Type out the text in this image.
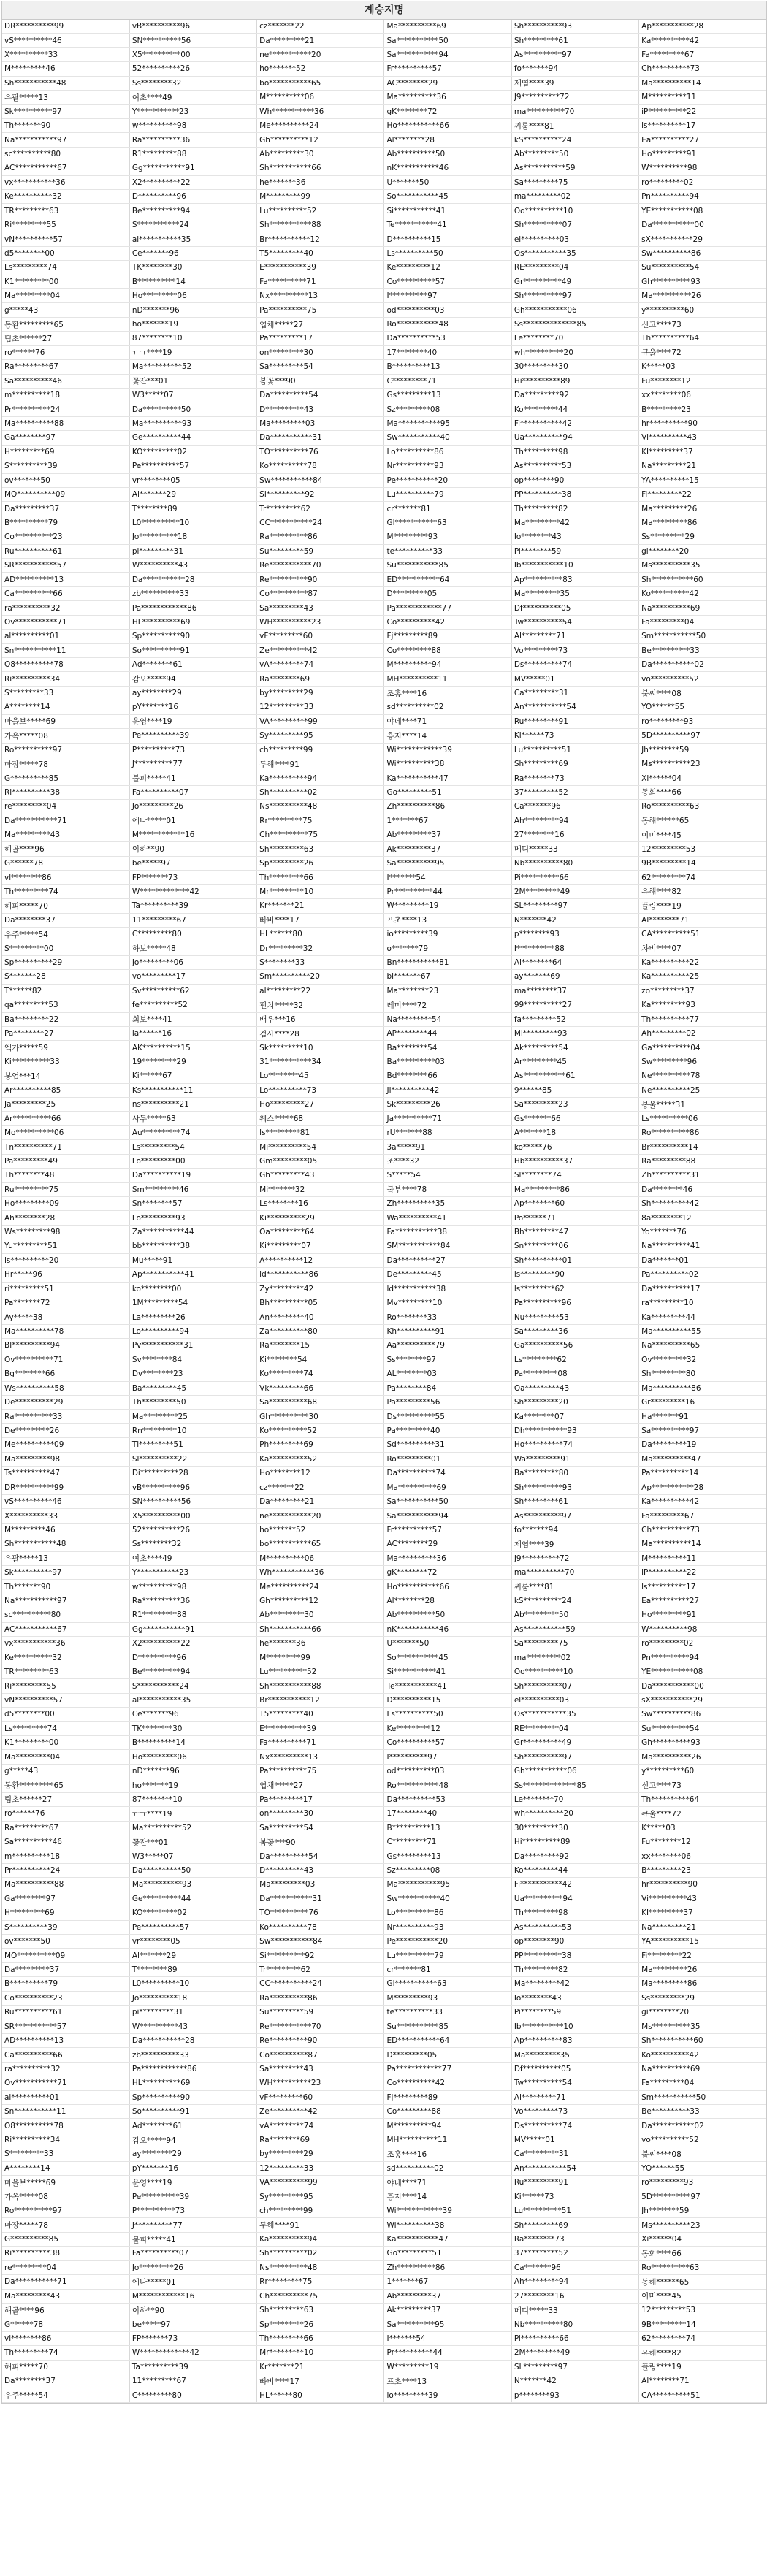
계승지명
DR**********99	vB**********96	cz*******22	Ma**********69	Sh**********93	Ap***********28
vS**********46	SN**********56	Da*********21	Sa***********50	Sh*********61	Ka**********42
X**********33	X5**********00	ne***********20	Sa***********94	As**********97	Fa*********67
M*********46	52**********26	ho*******52	Fr**********57	fo*******94	Ch**********73
Sh***********48	Ss********32	bo***********65	AC********29	제염****39	Ma**********14
유팔*****13	여초****49	M**********06	Ma**********36	J9**********72	M**********11
Sk**********97	Y***********23	Wh***********36	gK********72	ma**********70	iP**********22
Th*******90	w**********98	Me**********24	Ho***********66	씨룸****81	ls**********17
Na***********97	Ra**********36	Gh**********12	Al********28	kS**********24	Ea**********27
sc**********80	R1*********88	Ab*********30	Ab**********50	Ab*********50	Ho*********91
AC***********67	Gg***********91	Sh***********66	nK***********46	As***********59	W**********98
vx***********36	X2**********22	he*******36	U*******50	Sa*********75	ro*********02
Ke**********32	D**********96	M*********99	So***********45	ma*********02	Pn**********94
TR*********63	Be**********94	Lu**********52	Si***********41	Oo**********10	YE***********08
Ri*********55	S***********24	Sh***********88	Te***********41	Sh**********07	Da***********00
vN**********57	al***********35	Br***********12	D**********15	el**********03	sX***********29
d5********00	Ce*******96	T5*********40	Ls**********50	Os***********35	Sw**********86
Ls*********74	TK********30	E***********39	Ke*********12	RE*********04	Su**********54
K1*********00	B**********14	Fa**********71	Co**********57	Gr**********49	Gh**********93
Ma*********04	Ho*********06	Nx**********13	I**********97	Sh**********97	Ma**********26
g*****43	nD*******96	Pa**********75	od**********03	Gh***********06	y**********60
동환*********65	ho*******19	엽채*****27	Ro***********48	Ss**************85	신고****73
팀초******27	87********10	Pa*********17	Da**********53	Le********70	Th**********64
ro******76	ㅠㅠ****19	on*********30	17********40	wh**********20	큐울****72
Ra*********67	Ma**********52	Sa*********54	B**********13	30*********30	K*****03
Sa**********46	꽃잔***01	봄꽃***90	C*********71	Hi**********89	Fu********12
m**********18	W3*****07	Da**********54	Gs*********13	Da*********92	xx********06
Pr**********24	Da**********50	D**********43	Sz*********08	Ko*********44	B*********23
Ma**********88	Ma**********93	Ma*********03	Ma***********95	Fi***********42	hr**********90
Ga********97	Ge**********44	Da***********31	Sw***********40	Ua**********94	Vi**********43
H*********69	KO*********02	TO**********76	Lo**********86	Th*********98	KI*********37
S**********39	Pe**********57	Ko**********78	Nr**********93	As**********53	Na*********21
ov*******50	vr********05	Sw***********84	Pe***********20	op********90	YA**********15
MO**********09	Al*******29	Si**********92	Lu**********79	PP**********38	Fi*********22
Da*********37	T********89	Tr*********62	cr*******81	Th*********82	Ma*********26
B**********79	L0**********10	CC***********24	Gl***********63	Ma*********42	Ma*********86
Co**********23	Jo**********18	Ra**********86	M*********93	Io********43	Ss*********29
Ru**********61	pi*********31	Su*********59	te**********33	Pi********59	gi********20
SR***********57	W**********43	Re***********70	Su***********85	Ib***********10	Ms**********35
AD**********13	Da***********28	Re**********90	ED***********64	Ap**********83	Sh***********60
Ca**********66	zb**********33	Co**********87	D*********05	Ma*********35	Ko**********42
ra**********32	Pa************86	Sa*********43	Pa************77	Df**********05	Na**********69
Ov***********71	HL**********69	WH**********23	Co**********42	Tw**********54	Fa*********04
al**********01	Sp**********90	vF*********60	Fj*********89	Al*********71	Sm***********50
Sn***********11	So**********91	Ze**********42	Co*********88	Vo*********73	Be**********33
O8**********78	Ad********61	vA*********74	M**********94	Ds**********74	Da***********02
Ri**********34	감오*****94	Ra********69	MH**********11	MV*****01	vo**********52
S*********33	ay********29	by*********29	조홍****16	Ca*********31	붙씨****08
A********14	pY*******16	12*********33	sd**********02	An***********54	YO******55
마을보*****69	윤영****19	VA**********99	야네****71	Ru*********91	ro*********93
가옥*****08	Pe**********39	Sy*********95	흥지****14	Ki******73	5D**********97
Ro**********97	P**********73	ch*********99	Wi************39	Lu**********51	Jh********59
마장*****78	J**********77	두해****91	Wi**********38	Sh*********69	Ms**********23
G**********85	불피*****41	Ka**********94	Ka***********47	Ra********73	Xi******04
Ri**********38	Fa**********07	Sh**********02	Go*********51	37*********52	동회****66
re*********04	Jo*********26	Ns**********48	Zh**********86	Ca*******96	Ro**********63
Da***********71	에나*****01	Rr*********75	1*******67	Ah*********94	동해******65
Ma*********43	M************16	Ch**********75	Ab*********37	27********16	이미****45
해골****96	이하**90	Sh*********63	Ak*********37	메디*****33	12*********53
G******78	be*****97	Sp*********26	Sa**********95	Nb**********80	9B*********14
vl********86	FP*******73	Th*********66	I*******54	Pi**********66	62*********74
Th*********74	W*************42	Mr*********10	Pr**********44	2M*********49	유해****82
해피*****70	Ta**********39	Kr*******21	W*********19	SL*********97	플링****19
Da********37	11*********67	빠비****17	프초****13	N*******42	Al********71
우주*****54	C*********80	HL******80	io*********39	p********93	CA**********51
S*********00	하보*****48	Dr*********32	o*******79	I**********88	차비****07
Sp**********29	Jo*********06	S********33	Bn***********81	Al********64	Ka**********22
S*******28	vo*********17	Sm**********20	bi*******67	ay*******69	Ka**********25
T******82	Sv**********62	al*********22	Ma********23	ma********37	zo*********37
qa*********53	fe**********52	펀치*****32	레미****72	99**********27	Ka*********93
Ba*********22	회보****41	배우***16	Na*********54	fa*********52	Th**********77
Pa********27	la******16	검사****28	AP********44	Ml*********93	Ah*********02
엑가*****59	AK**********15	Sk*********10	Ba********54	Ak*********54	Ga**********04
Ki**********33	19*********29	31***********34	Ba**********03	Ar*********45	Sw*********96
봉업***14	Ki******67	Lo********45	Bd********66	As***********61	Ne**********78
Ar**********85	Ks***********11	Lo**********73	Jl**********42	9******85	Ne**********25
Ja*********25	ns**********21	Ho*********27	Sk*********26	Sa*********23	봉울*****31
Ar**********66	사두*****63	웨스*****68	Ja**********71	Gs*******66	Ls**********06
Mo**********06	Au**********74	ls*********81	rU*******88	A*******18	Ro**********86
Tn**********71	Ls*********54	Mi**********54	3a*****91	ko*****76	Br**********14
Pa*********49	Lo*********00	Gm*********05	조****32	Hb**********37	Ra*********88
Th********48	Da**********19	Gh*********43	S*****54	Sl********74	Zh**********31
Ru*********75	Sm*********46	Mi*******32	물부****78	Ma*********86	Da********46
Ho*********09	Sn********57	Ls********16	Zh**********35	Ap********60	Sh**********42
Ah********28	Lo*********93	Ki**********29	Wa**********41	Po******71	8a********12
Ws*********98	Za***********44	Oa*********64	Fa***********38	Bh*********47	Yo*******76
Yu*********51	bb**********38	Ki*********07	SM***********84	Sn*********06	Na**********41
ls**********20	Mu*****91	A**********12	Da**********27	Sh**********01	Da*******01
Hr*****96	Ap***********41	ld***********86	De*********45	ls*********90	Pa**********02
ri*********51	ko********00	Zy*********42	ld***********38	ls*********62	Da**********17
Pa*******72	1M*********54	Bh**********05	Mv*********10	Pa**********96	ra*********10
Ay*****38	La*********26	An*********40	Ro********33	Nu*********53	Ka*********44
Ma**********78	Lo**********94	Za**********80	Kh**********91	Sa*********36	Ma**********55
Bl**********94	Pv***********31	Ra********15	Aa**********79	Ga**********56	Na**********65
Ov**********71	Sv********84	Ki********54	Ss********97	Ls*********62	Ov*********32
Bg********66	Dv********23	Ko*********74	AL********03	Pa*********08	Sh*********80
Ws**********58	Ba*********45	Vk*********66	Pa********84	Oa*********43	Ma**********86
De**********29	Th*********50	Sa**********68	Pa*********56	Sh*********20	Gr*********16
Ra**********33	Ma*********25	Gh**********30	Ds**********55	Ka********07	Ha*******91
De*********26	Rn*********10	Ko**********52	Pa*********40	Dh***********93	Sa**********97
Me**********09	Tl*********51	Ph*********69	Sd**********31	Ho**********74	Da*********19
Ma*********98	Sl**********22	Ka**********52	Ro*********01	Wa*********91	Ma**********47
Ts**********47	Di**********28	Ho********12	Da**********74	Ba*********80	Pa**********14
DR**********99	vB**********96	cz*******22	Ma**********69	Sh**********93	Ap***********28
vS**********46	SN**********56	Da*********21	Sa***********50	Sh*********61	Ka**********42
X**********33	X5**********00	ne***********20	Sa***********94	As**********97	Fa*********67
M*********46	52**********26	ho*******52	Fr**********57	fo*******94	Ch**********73
Sh***********48	Ss********32	bo***********65	AC********29	제염****39	Ma**********14
유팔*****13	여초****49	M**********06	Ma**********36	J9**********72	M**********11
Sk**********97	Y***********23	Wh***********36	gK********72	ma**********70	iP**********22
Th*******90	w**********98	Me**********24	Ho***********66	씨룸****81	ls**********17
Na***********97	Ra**********36	Gh**********12	Al********28	kS**********24	Ea**********27
sc**********80	R1*********88	Ab*********30	Ab**********50	Ab*********50	Ho*********91
AC***********67	Gg***********91	Sh***********66	nK***********46	As***********59	W**********98
vx***********36	X2**********22	he*******36	U*******50	Sa*********75	ro*********02
Ke**********32	D**********96	M*********99	So***********45	ma*********02	Pn**********94
TR*********63	Be**********94	Lu**********52	Si***********41	Oo**********10	YE***********08
Ri*********55	S***********24	Sh***********88	Te***********41	Sh**********07	Da***********00
vN**********57	al***********35	Br***********12	D**********15	el**********03	sX***********29
d5********00	Ce*******96	T5*********40	Ls**********50	Os***********35	Sw**********86
Ls*********74	TK********30	E***********39	Ke*********12	RE*********04	Su**********54
K1*********00	B**********14	Fa**********71	Co**********57	Gr**********49	Gh**********93
Ma*********04	Ho*********06	Nx**********13	I**********97	Sh**********97	Ma**********26
g*****43	nD*******96	Pa**********75	od**********03	Gh***********06	y**********60
동환*********65	ho*******19	엽채*****27	Ro***********48	Ss**************85	신고****73
팀초******27	87********10	Pa*********17	Da**********53	Le********70	Th**********64
ro******76	ㅠㅠ****19	on*********30	17********40	wh**********20	큐울****72
Ra*********67	Ma**********52	Sa*********54	B**********13	30*********30	K*****03
Sa**********46	꽃잔***01	봄꽃***90	C*********71	Hi**********89	Fu********12
m**********18	W3*****07	Da**********54	Gs*********13	Da*********92	xx********06
Pr**********24	Da**********50	D**********43	Sz*********08	Ko*********44	B*********23
Ma**********88	Ma**********93	Ma*********03	Ma***********95	Fi***********42	hr**********90
Ga********97	Ge**********44	Da***********31	Sw***********40	Ua**********94	Vi**********43
H*********69	KO*********02	TO**********76	Lo**********86	Th*********98	KI*********37
S**********39	Pe**********57	Ko**********78	Nr**********93	As**********53	Na*********21
ov*******50	vr********05	Sw***********84	Pe***********20	op********90	YA**********15
MO**********09	Al*******29	Si**********92	Lu**********79	PP**********38	Fi*********22
Da*********37	T********89	Tr*********62	cr*******81	Th*********82	Ma*********26
B**********79	L0**********10	CC***********24	Gl***********63	Ma*********42	Ma*********86
Co**********23	Jo**********18	Ra**********86	M*********93	Io********43	Ss*********29
Ru**********61	pi*********31	Su*********59	te**********33	Pi********59	gi********20
SR***********57	W**********43	Re***********70	Su***********85	Ib***********10	Ms**********35
AD**********13	Da***********28	Re**********90	ED***********64	Ap**********83	Sh***********60
Ca**********66	zb**********33	Co**********87	D*********05	Ma*********35	Ko**********42
ra**********32	Pa************86	Sa*********43	Pa************77	Df**********05	Na**********69
Ov***********71	HL**********69	WH**********23	Co**********42	Tw**********54	Fa*********04
al**********01	Sp**********90	vF*********60	Fj*********89	Al*********71	Sm***********50
Sn***********11	So**********91	Ze**********42	Co*********88	Vo*********73	Be**********33
O8**********78	Ad********61	vA*********74	M**********94	Ds**********74	Da***********02
Ri**********34	감오*****94	Ra********69	MH**********11	MV*****01	vo**********52
S*********33	ay********29	by*********29	조홍****16	Ca*********31	붙씨****08
A********14	pY*******16	12*********33	sd**********02	An***********54	YO******55
마을보*****69	윤영****19	VA**********99	야네****71	Ru*********91	ro*********93
가옥*****08	Pe**********39	Sy*********95	흥지****14	Ki******73	5D**********97
Ro**********97	P**********73	ch*********99	Wi************39	Lu**********51	Jh********59
마장*****78	J**********77	두해****91	Wi**********38	Sh*********69	Ms**********23
G**********85	불피*****41	Ka**********94	Ka***********47	Ra********73	Xi******04
Ri**********38	Fa**********07	Sh**********02	Go*********51	37*********52	동회****66
re*********04	Jo*********26	Ns**********48	Zh**********86	Ca*******96	Ro**********63
Da***********71	에나*****01	Rr*********75	1*******67	Ah*********94	동해******65
Ma*********43	M************16	Ch**********75	Ab*********37	27********16	이미****45
해골****96	이하**90	Sh*********63	Ak*********37	메디*****33	12*********53
G******78	be*****97	Sp*********26	Sa**********95	Nb**********80	9B*********14
vl********86	FP*******73	Th*********66	I*******54	Pi**********66	62*********74
Th*********74	W*************42	Mr*********10	Pr**********44	2M*********49	유해****82
해피*****70	Ta**********39	Kr*******21	W*********19	SL*********97	플링****19
Da********37	11*********67	빠비****17	프초****13	N*******42	Al********71
우주*****54	C*********80	HL******80	io*********39	p********93	CA**********51
